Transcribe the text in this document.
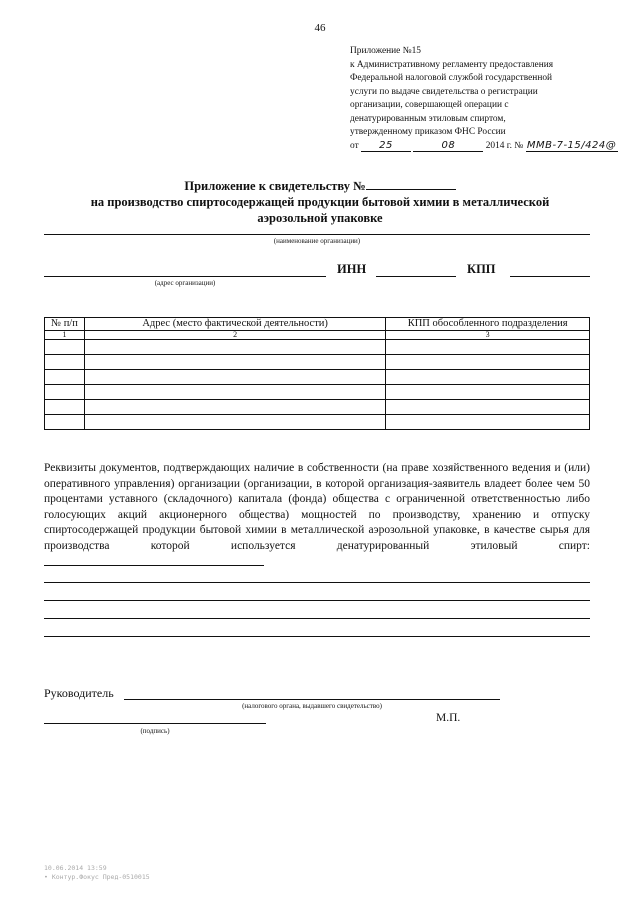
46
Приложение №15
к Административному регламенту предоставления
Федеральной налоговой службой государственной
услуги по выдаче свидетельства о регистрации
организации, совершающей операции с
денатурированным этиловым спиртом,
утвержденному приказом ФНС России
от 25	08	2014 г. № ММВ-7-15/424@
Приложение к свидетельству №
на производство спиртосодержащей продукции бытовой химии в металлической
аэрозольной упаковке
(наименование организации)
ИНН	КПП
(адрес организации)
№ п/п	Адрес (место фактической деятельности)	КПП обособленного подразделения
1	2	3

Реквизиты документов, подтверждающих наличие в собственности (на праве хозяйственного ведения и (или) оперативного управления) организации (организации, в которой организация-заявитель владеет более чем 50 процентами уставного (складочного) капитала (фонда) общества с ограниченной ответственностью либо голосующих акций акционерного общества) мощностей по производству, хранению и отпуску спиртосодержащей продукции бытовой химии в металлической аэрозольной упаковке, в качестве сырья для производства которой используется денатурированный этиловый спирт:
Руководитель
(налогового органа, выдавшего свидетельство)
(подпись)
М.П.
10.06.2014 13:59
• Контур.Фокус Пред-0510015
